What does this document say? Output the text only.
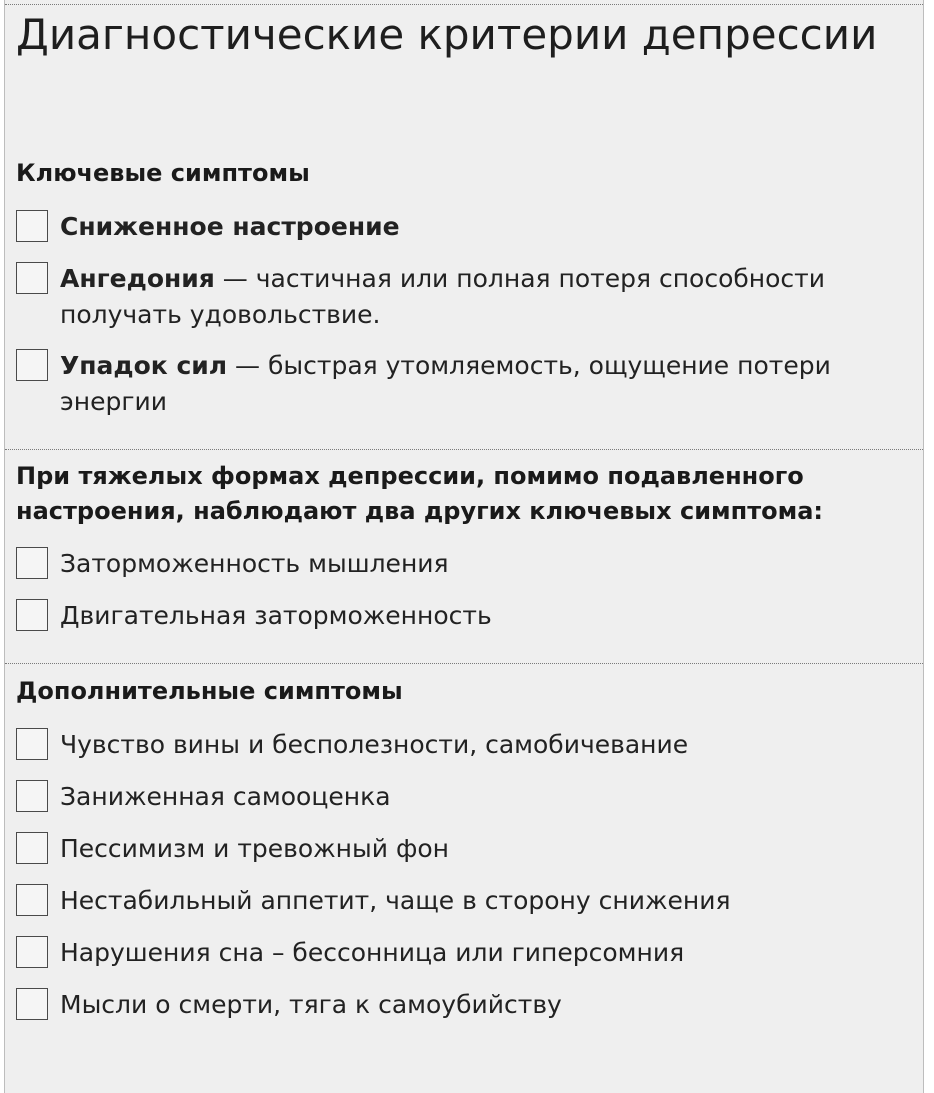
Диагностические критерии депрессии
Ключевые симптомы
Сниженное настроение
Ангедония — частичная или полная потеря способности получать удовольствие.
Упадок сил — быстрая утомляемость, ощущение потери энергии
При тяжелых формах депрессии, помимо подавленного настроения, наблюдают два других ключевых симптома:
Заторможенность мышления
Двигательная заторможенность
Дополнительные симптомы
Чувство вины и бесполезности, самобичевание
Заниженная самооценка
Пессимизм и тревожный фон
Нестабильный аппетит, чаще в сторону снижения
Нарушения сна – бессонница или гиперсомния
Мысли о смерти, тяга к самоубийству
